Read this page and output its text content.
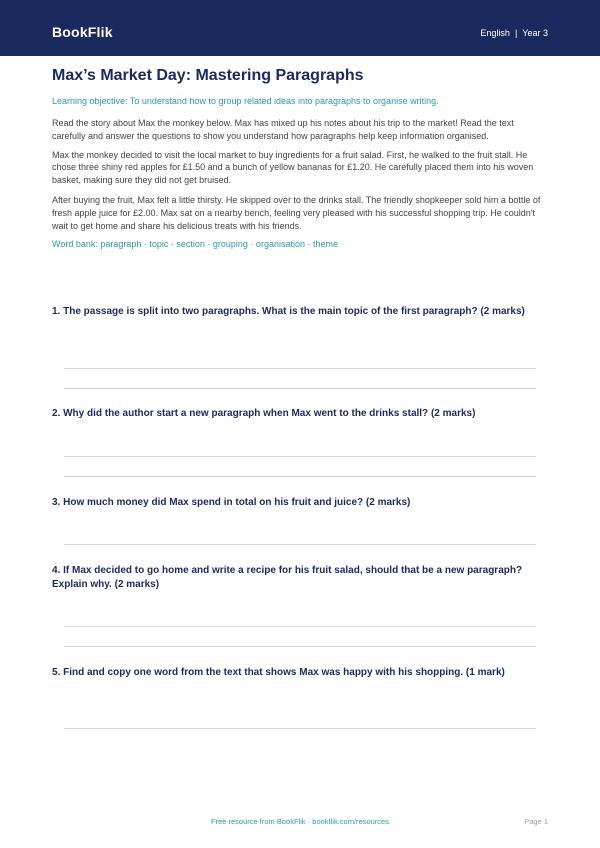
BookFlik	English | Year 3
Max’s Market Day: Mastering Paragraphs
Learning objective: To understand how to group related ideas into paragraphs to organise writing.
Read the story about Max the monkey below. Max has mixed up his notes about his trip to the market! Read the text carefully and answer the questions to show you understand how paragraphs help keep information organised.

Max the monkey decided to visit the local market to buy ingredients for a fruit salad. First, he walked to the fruit stall. He chose three shiny red apples for £1.50 and a bunch of yellow bananas for £1.20. He carefully placed them into his woven basket, making sure they did not get bruised.

After buying the fruit, Max felt a little thirsty. He skipped over to the drinks stall. The friendly shopkeeper sold him a bottle of fresh apple juice for £2.00. Max sat on a nearby bench, feeling very pleased with his successful shopping trip. He couldn't wait to get home and share his delicious treats with his friends.

Word bank: paragraph · topic · section · grouping · organisation · theme
1. The passage is split into two paragraphs. What is the main topic of the first paragraph? (2 marks)
2. Why did the author start a new paragraph when Max went to the drinks stall? (2 marks)
3. How much money did Max spend in total on his fruit and juice? (2 marks)
4. If Max decided to go home and write a recipe for his fruit salad, should that be a new paragraph? Explain why. (2 marks)
5. Find and copy one word from the text that shows Max was happy with his shopping. (1 mark)
Free resource from BookFlik · bookflik.com/resources	Page 1
